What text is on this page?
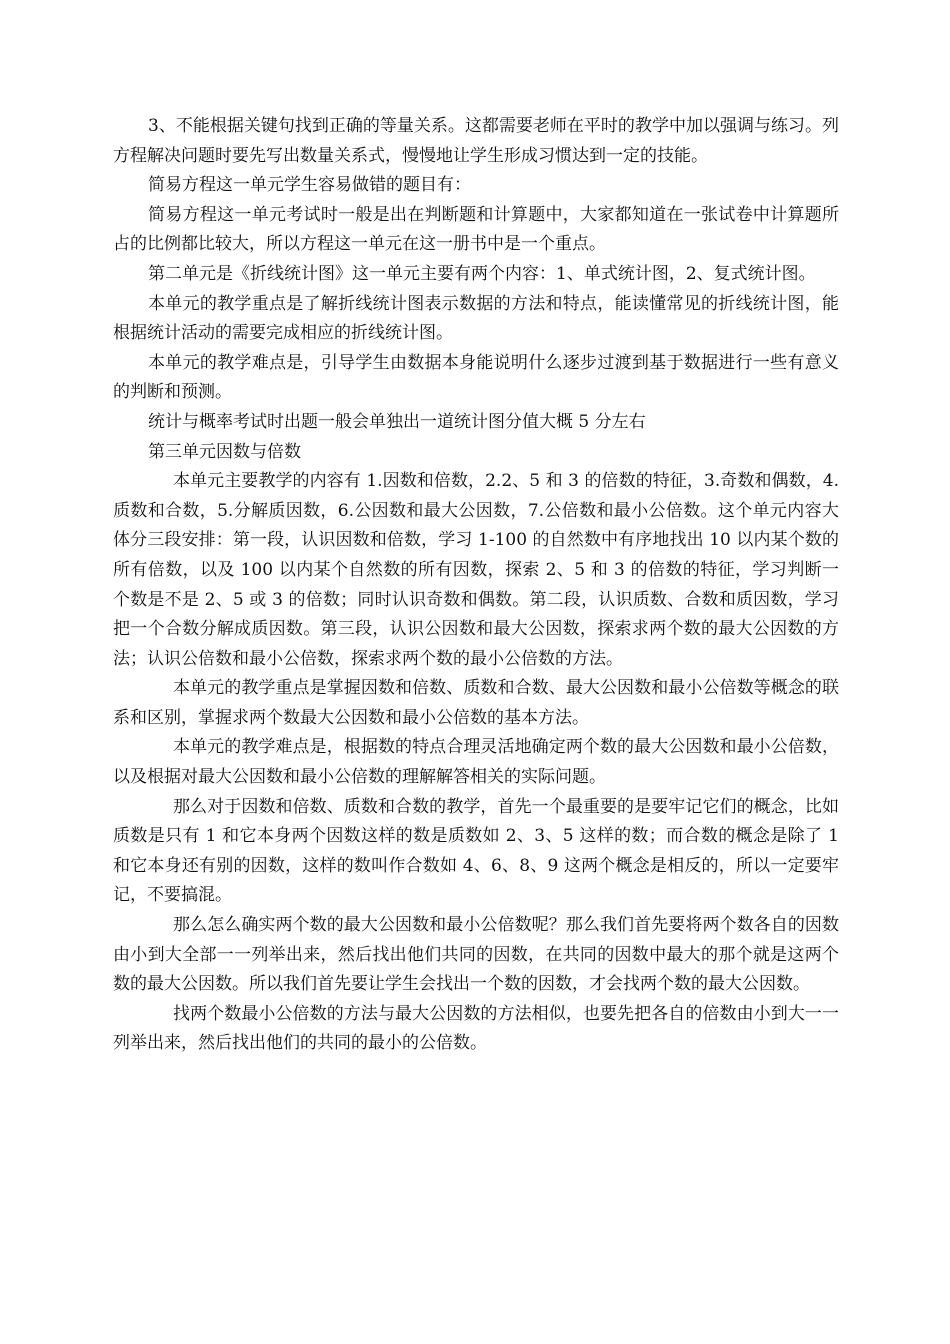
3、不能根据关键句找到正确的等量关系。这都需要老师在平时的教学中加以强调与练习。列方程解决问题时要先写出数量关系式，慢慢地让学生形成习惯达到一定的技能。

简易方程这一单元学生容易做错的题目有：

简易方程这一单元考试时一般是出在判断题和计算题中，大家都知道在一张试卷中计算题所占的比例都比较大，所以方程这一单元在这一册书中是一个重点。

第二单元是《折线统计图》这一单元主要有两个内容：1、单式统计图，2、复式统计图。

本单元的教学重点是了解折线统计图表示数据的方法和特点，能读懂常见的折线统计图，能根据统计活动的需要完成相应的折线统计图。

本单元的教学难点是，引导学生由数据本身能说明什么逐步过渡到基于数据进行一些有意义的判断和预测。

统计与概率考试时出题一般会单独出一道统计图分值大概 5 分左右

第三单元因数与倍数

本单元主要教学的内容有 1.因数和倍数，2.2、5 和 3 的倍数的特征，3.奇数和偶数，4.质数和合数，5.分解质因数，6.公因数和最大公因数，7.公倍数和最小公倍数。这个单元内容大体分三段安排：第一段，认识因数和倍数，学习 1-100 的自然数中有序地找出 10 以内某个数的所有倍数，以及 100 以内某个自然数的所有因数，探索 2、5 和 3 的倍数的特征，学习判断一个数是不是 2、5 或 3 的倍数；同时认识奇数和偶数。第二段，认识质数、合数和质因数，学习把一个合数分解成质因数。第三段，认识公因数和最大公因数，探索求两个数的最大公因数的方法；认识公倍数和最小公倍数，探索求两个数的最小公倍数的方法。

本单元的教学重点是掌握因数和倍数、质数和合数、最大公因数和最小公倍数等概念的联系和区别，掌握求两个数最大公因数和最小公倍数的基本方法。

本单元的教学难点是，根据数的特点合理灵活地确定两个数的最大公因数和最小公倍数，以及根据对最大公因数和最小公倍数的理解解答相关的实际问题。

那么对于因数和倍数、质数和合数的教学，首先一个最重要的是要牢记它们的概念，比如质数是只有 1 和它本身两个因数这样的数是质数如 2、3、5 这样的数；而合数的概念是除了 1 和它本身还有别的因数，这样的数叫作合数如 4、6、8、9 这两个概念是相反的，所以一定要牢记，不要搞混。

那么怎么确实两个数的最大公因数和最小公倍数呢？那么我们首先要将两个数各自的因数由小到大全部一一列举出来，然后找出他们共同的因数，在共同的因数中最大的那个就是这两个数的最大公因数。所以我们首先要让学生会找出一个数的因数，才会找两个数的最大公因数。

找两个数最小公倍数的方法与最大公因数的方法相似，也要先把各自的倍数由小到大一一列举出来，然后找出他们的共同的最小的公倍数。
